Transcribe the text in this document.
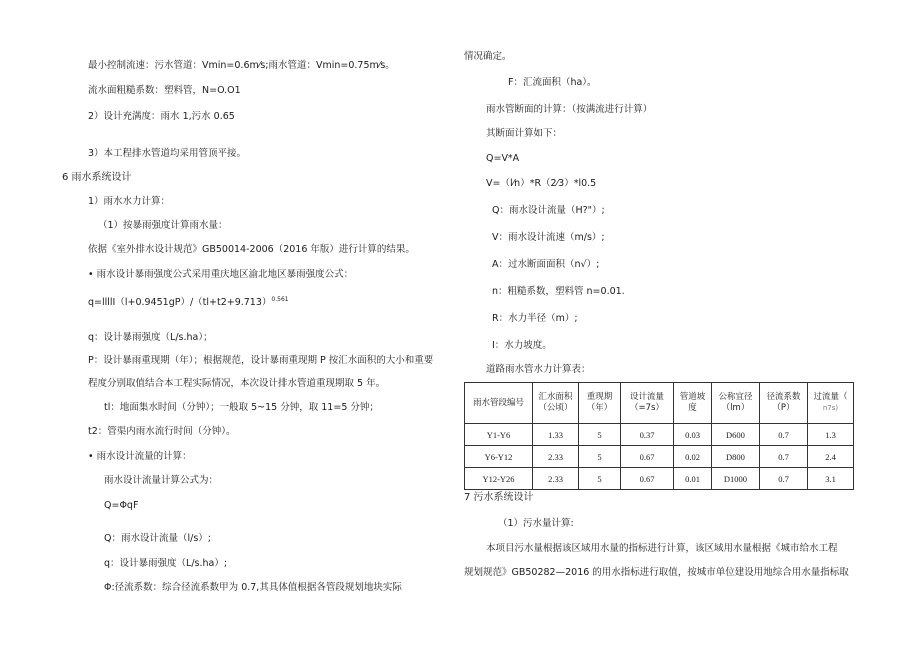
最小控制流速：污水管道：Vmin=0.6m⁄s;雨水管道：Vmin=0.75m⁄s。
流水面粗糙系数：塑料管，N=O.O1
2）设计充满度：雨水 1,污水 0.65
3）本工程排水管道均采用管顶平接。
6 雨水系统设计
1）雨水水力计算：
（1）按暴雨强度计算雨水量：
依据《室外排水设计规范》GB50014-2006（2016 年版）进行计算的结果。
• 雨水设计暴雨强度公式采用重庆地区渝北地区暴雨强度公式：
$q=llllI(l+0.9451gP)/(tl+t2+9.713)^{0.561}$
q：设计暴雨强度（L/s.ha）；
P：设计暴雨重现期（年）；根据规范，设计暴雨重现期 P 按汇水面积的大小和重要
程度分别取值结合本工程实际情况，本次设计排水管道重现期取 5 年。
tl：地面集水时间（分钟）；一般取 5~15 分钟，取 11=5 分钟；
t2：管渠内雨水流行时间（分钟）。
• 雨水设计流量的计算：
雨水设计流量计算公式为：
Q=ΦqF
Q：雨水设计流量（l/s）;
q：设计暴雨强度（L/s.ha）;
Φ:径流系数：综合径流系数甲为 0.7,其具体值根据各管段规划地块实际
情况确定。
F：汇流面积（ha）。
雨水管断面的计算：（按满流进行计算）
其断面计算如下：
Q=V*A
V=（l⁄n）*R（2⁄3）*l0.5
Q：雨水设计流量（H?"）;
V：雨水设计流速（m/s）;
A：过水断面面积（n√）;
n：粗糙系数，塑料管 n=0.01.
R：水力半径（m）;
I：水力坡度。
道路雨水管水力计算表：
雨水管段编号	汇水面积（公顷）	重现期（年）	设计流量（=7s）	管道坡度	公称宜径（lm）	径流系数（P）	过流量（
n7s)
Y1-Y6	1.33	5	0.37	0.03	D600	0.7	1.3
Y6-Y12	2.33	5	0.67	0.02	D800	0.7	2.4
Y12-Y26	2.33	5	0.67	0.01	D1000	0.7	3.1
7 污水系统设计
（1）污水量计算:
本项目污水量根据该区域用水量的指标进行计算，该区域用水量根据《城市给水工程
规划规范》GB50282—2016 的用水指标进行取值，按城市单位建设用地综合用水量指标取
